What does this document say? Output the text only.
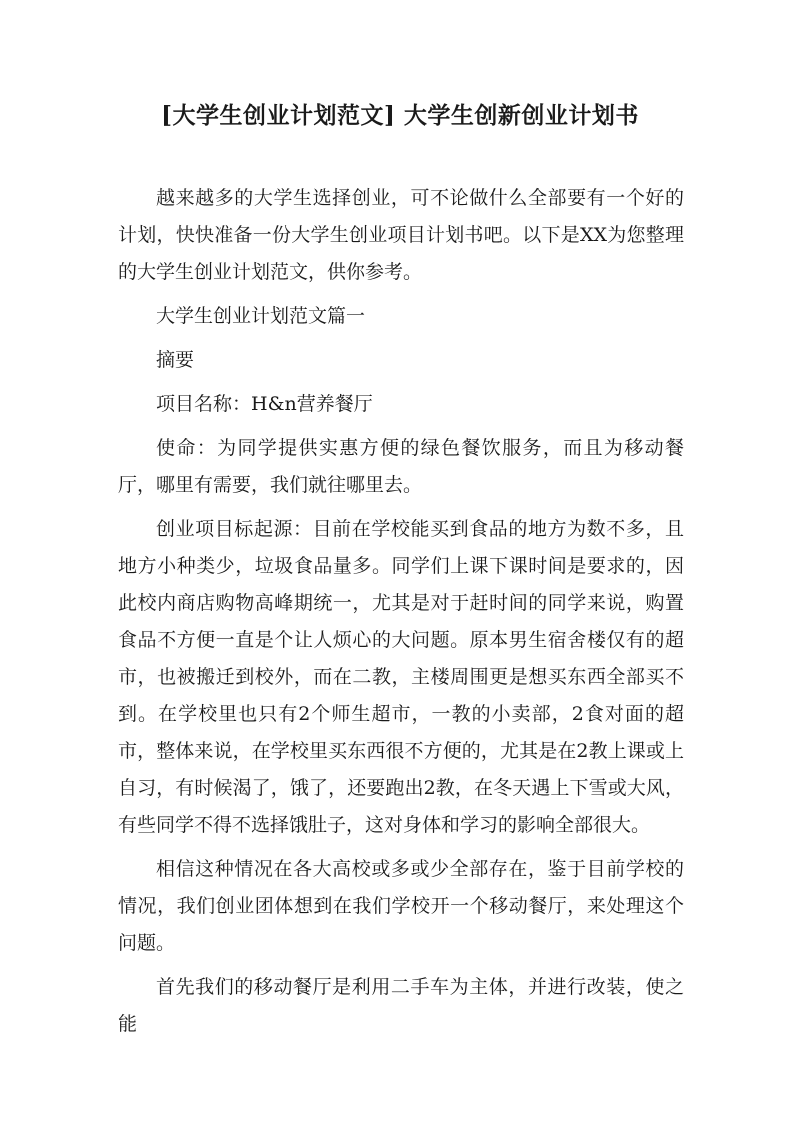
[大学生创业计划范文] 大学生创新创业计划书

越来越多的大学生选择创业，可不论做什么全部要有一个好的计划，快快准备一份大学生创业项目计划书吧。以下是XX为您整理的大学生创业计划范文，供你参考。

大学生创业计划范文篇一

摘要

项目名称：H&n营养餐厅

使命：为同学提供实惠方便的绿色餐饮服务，而且为移动餐厅，哪里有需要，我们就往哪里去。

创业项目标起源：目前在学校能买到食品的地方为数不多，且地方小种类少，垃圾食品量多。同学们上课下课时间是要求的，因此校内商店购物高峰期统一，尤其是对于赶时间的同学来说，购置食品不方便一直是个让人烦心的大问题。原本男生宿舍楼仅有的超市，也被搬迁到校外，而在二教，主楼周围更是想买东西全部买不到。在学校里也只有2个师生超市，一教的小卖部，2食对面的超市，整体来说，在学校里买东西很不方便的，尤其是在2教上课或上自习，有时候渴了，饿了，还要跑出2教，在冬天遇上下雪或大风，有些同学不得不选择饿肚子，这对身体和学习的影响全部很大。

相信这种情况在各大高校或多或少全部存在，鉴于目前学校的情况，我们创业团体想到在我们学校开一个移动餐厅，来处理这个问题。

首先我们的移动餐厅是利用二手车为主体，并进行改装，使之能
